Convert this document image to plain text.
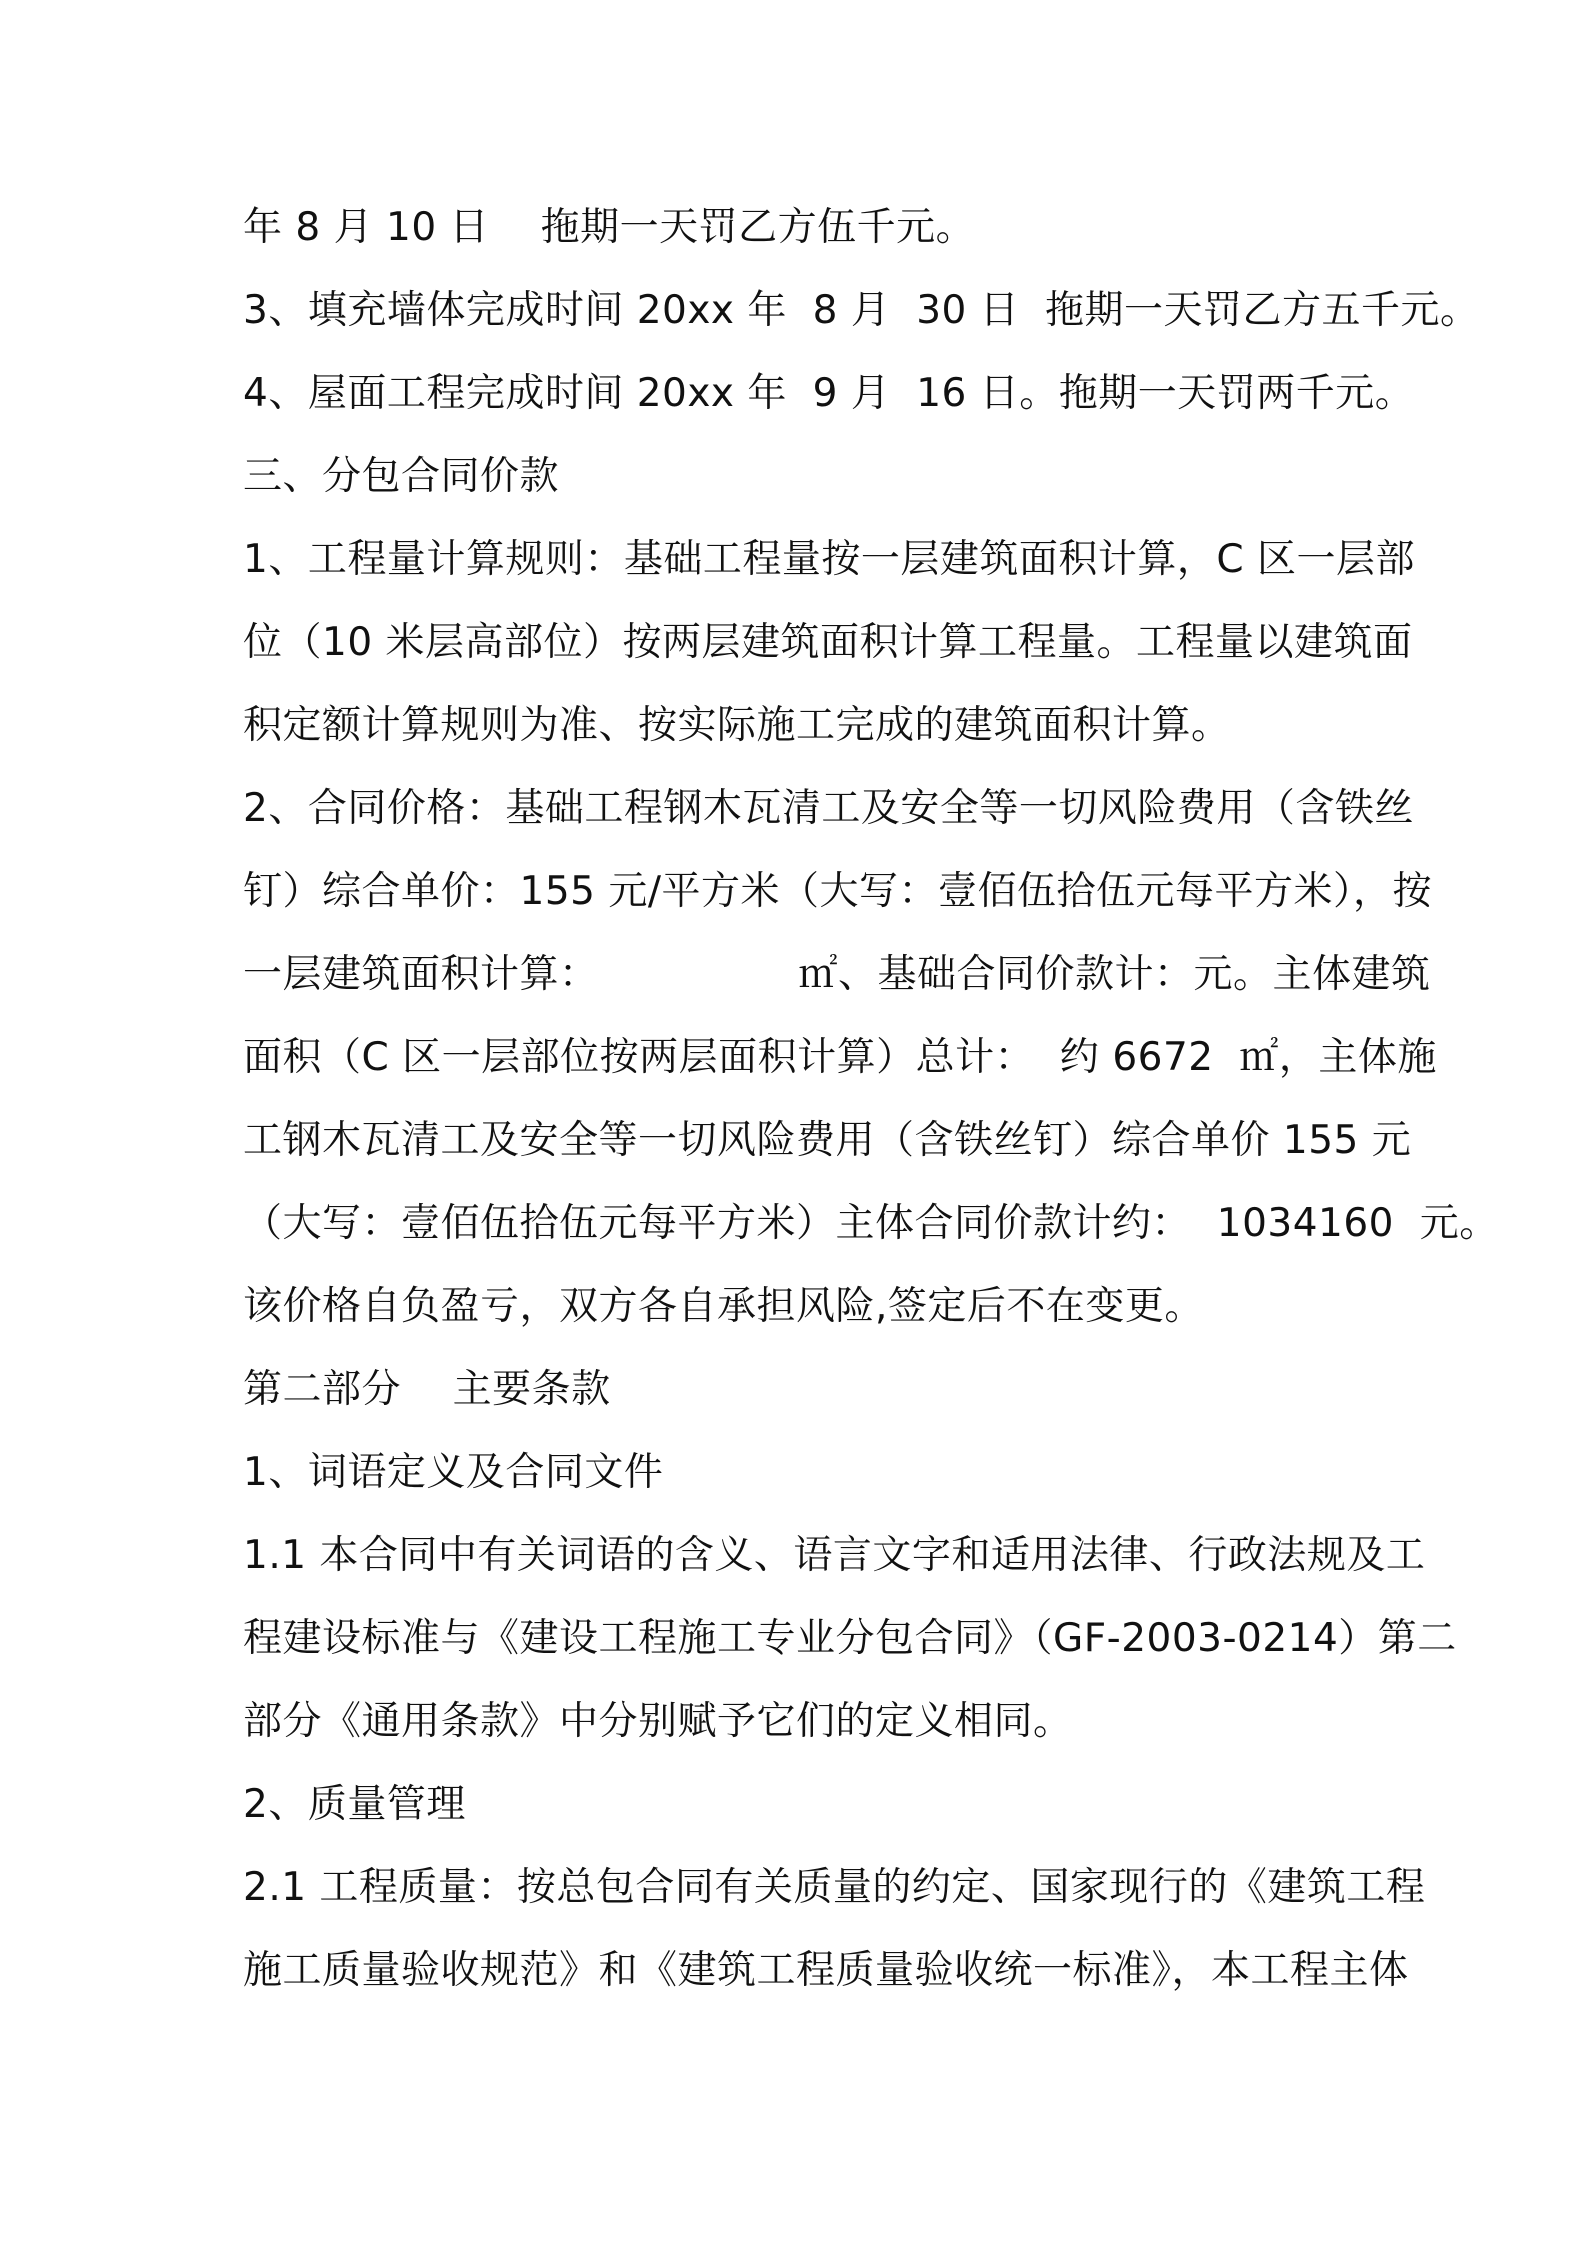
年 8 月 10 日    拖期一天罚乙方伍千元。
3、填充墙体完成时间 20xx 年  8 月  30 日  拖期一天罚乙方五千元。
4、屋面工程完成时间 20xx 年  9 月  16 日。拖期一天罚两千元。
三、分包合同价款
1、工程量计算规则：基础工程量按一层建筑面积计算，C 区一层部
位（10 米层高部位）按两层建筑面积计算工程量。工程量以建筑面
积定额计算规则为准、按实际施工完成的建筑面积计算。
2、合同价格：基础工程钢木瓦清工及安全等一切风险费用（含铁丝
钉）综合单价：155 元/平方米（大写：壹佰伍拾伍元每平方米），按
一层建筑面积计算：	㎡、基础合同价款计：元。主体建筑
面积（C 区一层部位按两层面积计算）总计：  约 6672  ㎡，主体施
工钢木瓦清工及安全等一切风险费用（含铁丝钉）综合单价 155 元
（大写：壹佰伍拾伍元每平方米）主体合同价款计约：  1034160  元。
该价格自负盈亏，双方各自承担风险,签定后不在变更。
第二部分    主要条款
1、词语定义及合同文件
1.1 本合同中有关词语的含义、语言文字和适用法律、行政法规及工
程建设标准与《建设工程施工专业分包合同》（GF-2003-0214）第二
部分《通用条款》中分别赋予它们的定义相同。
2、质量管理
2.1 工程质量：按总包合同有关质量的约定、国家现行的《建筑工程
施工质量验收规范》和《建筑工程质量验收统一标准》，本工程主体
